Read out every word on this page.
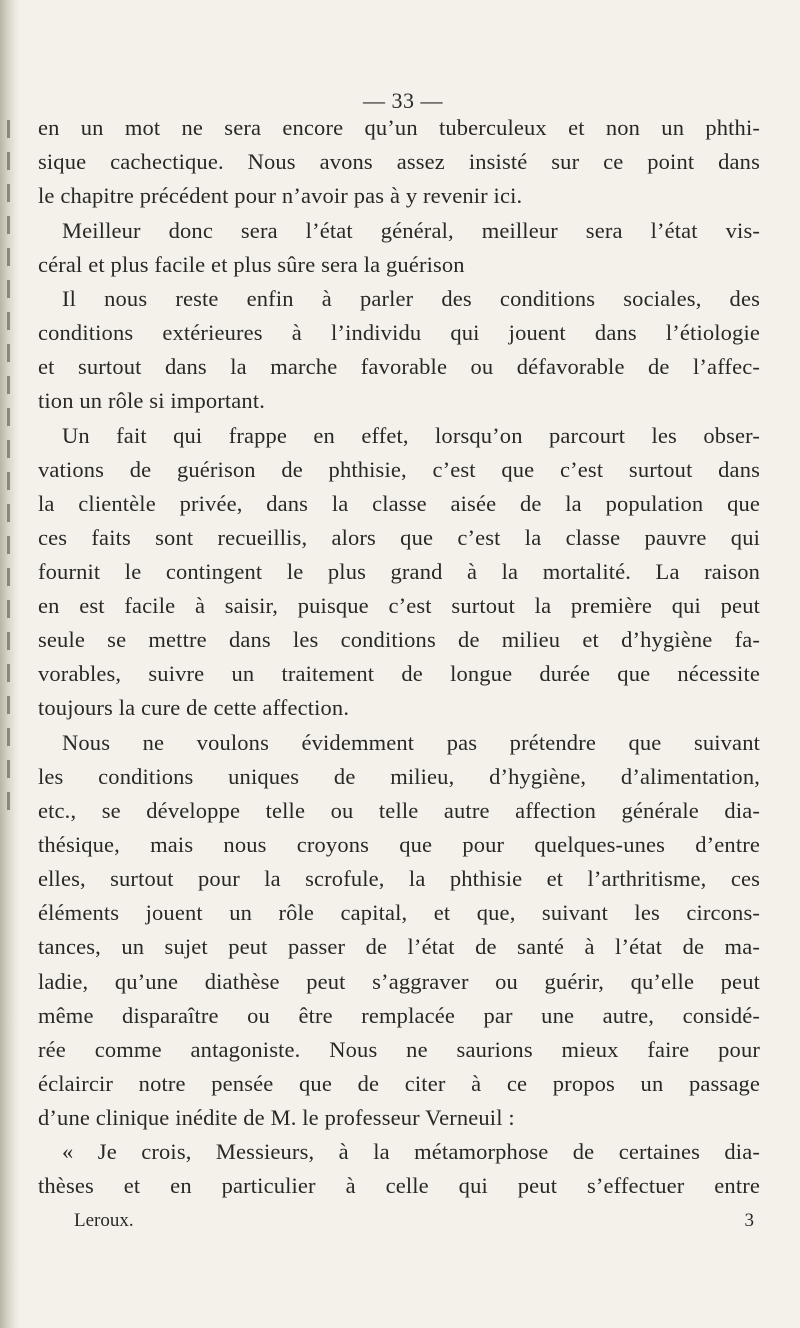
— 33 —
en un mot ne sera encore qu’un tuberculeux et non un phthi-
sique cachectique. Nous avons assez insisté sur ce point dans
le chapitre précédent pour n’avoir pas à y revenir ici.
Meilleur donc sera l’état général, meilleur sera l’état vis-
céral et plus facile et plus sûre sera la guérison
Il nous reste enfin à parler des conditions sociales, des
conditions extérieures à l’individu qui jouent dans l’étiologie
et surtout dans la marche favorable ou défavorable de l’affec-
tion un rôle si important.
Un fait qui frappe en effet, lorsqu’on parcourt les obser-
vations de guérison de phthisie, c’est que c’est surtout dans
la clientèle privée, dans la classe aisée de la population que
ces faits sont recueillis, alors que c’est la classe pauvre qui
fournit le contingent le plus grand à la mortalité. La raison
en est facile à saisir, puisque c’est surtout la première qui peut
seule se mettre dans les conditions de milieu et d’hygiène fa-
vorables, suivre un traitement de longue durée que nécessite
toujours la cure de cette affection.
Nous ne voulons évidemment pas prétendre que suivant
les conditions uniques de milieu, d’hygiène, d’alimentation,
etc., se développe telle ou telle autre affection générale dia-
thésique, mais nous croyons que pour quelques-unes d’entre
elles, surtout pour la scrofule, la phthisie et l’arthritisme, ces
éléments jouent un rôle capital, et que, suivant les circons-
tances, un sujet peut passer de l’état de santé à l’état de ma-
ladie, qu’une diathèse peut s’aggraver ou guérir, qu’elle peut
même disparaître ou être remplacée par une autre, considé-
rée comme antagoniste. Nous ne saurions mieux faire pour
éclaircir notre pensée que de citer à ce propos un passage
d’une clinique inédite de M. le professeur Verneuil :
« Je crois, Messieurs, à la métamorphose de certaines dia-
thèses et en particulier à celle qui peut s’effectuer entre
Leroux.	3
